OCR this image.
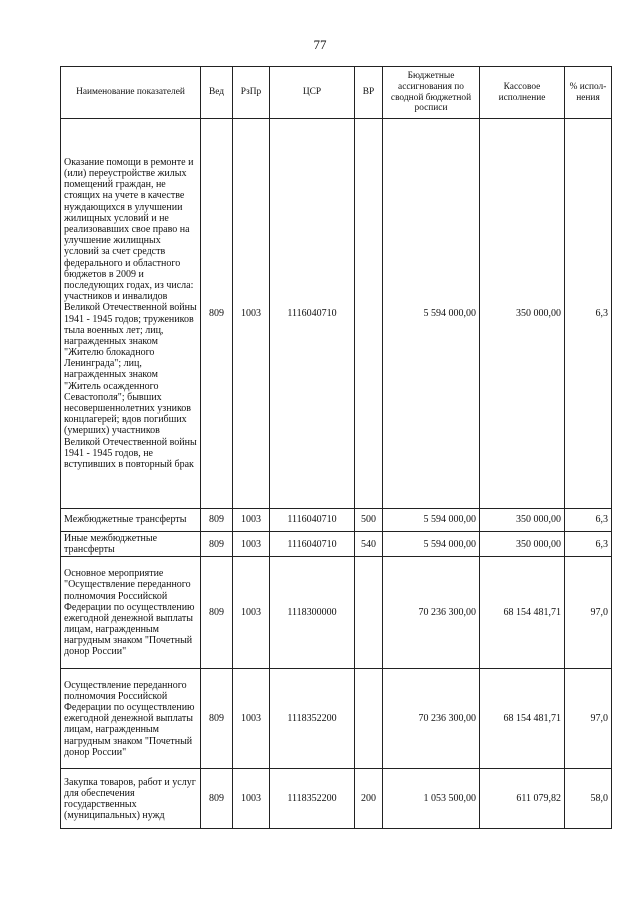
77
Наименование показателей	Вед	РзПр	ЦСР	ВР	Бюджетные ассигнования по сводной бюджетной росписи	Кассовое исполнение	% испол-нения
Оказание помощи в ремонте и (или) переустройстве жилых помещений граждан, не стоящих на учете в качестве нуждающихся в улучшении жилищных условий и не реализовавших свое право на улучшение жилищных условий за счет средств федерального и областного бюджетов в 2009 и последующих годах, из числа: участников и инвалидов Великой Отечественной войны 1941 - 1945 годов; тружеников тыла военных лет; лиц, награжденных знаком "Жителю блокадного Ленинграда"; лиц, награжденных знаком "Житель осажденного Севастополя"; бывших несовершеннолетних узников концлагерей; вдов погибших (умерших) участников Великой Отечественной войны 1941 - 1945 годов, не вступивших в повторный брак	809	1003	1116040710		5 594 000,00	350 000,00	6,3
Межбюджетные трансферты	809	1003	1116040710	500	5 594 000,00	350 000,00	6,3
Иные межбюджетные трансферты	809	1003	1116040710	540	5 594 000,00	350 000,00	6,3
Основное мероприятие "Осуществление переданного полномочия Российской Федерации по осуществлению ежегодной денежной выплаты лицам, награжденным нагрудным знаком "Почетный донор России"	809	1003	1118300000		70 236 300,00	68 154 481,71	97,0
Осуществление переданного полномочия Российской Федерации по осуществлению ежегодной денежной выплаты лицам, награжденным нагрудным знаком "Почетный донор России"	809	1003	1118352200		70 236 300,00	68 154 481,71	97,0
Закупка товаров, работ и услуг для обеспечения государственных (муниципальных) нужд	809	1003	1118352200	200	1 053 500,00	611 079,82	58,0
